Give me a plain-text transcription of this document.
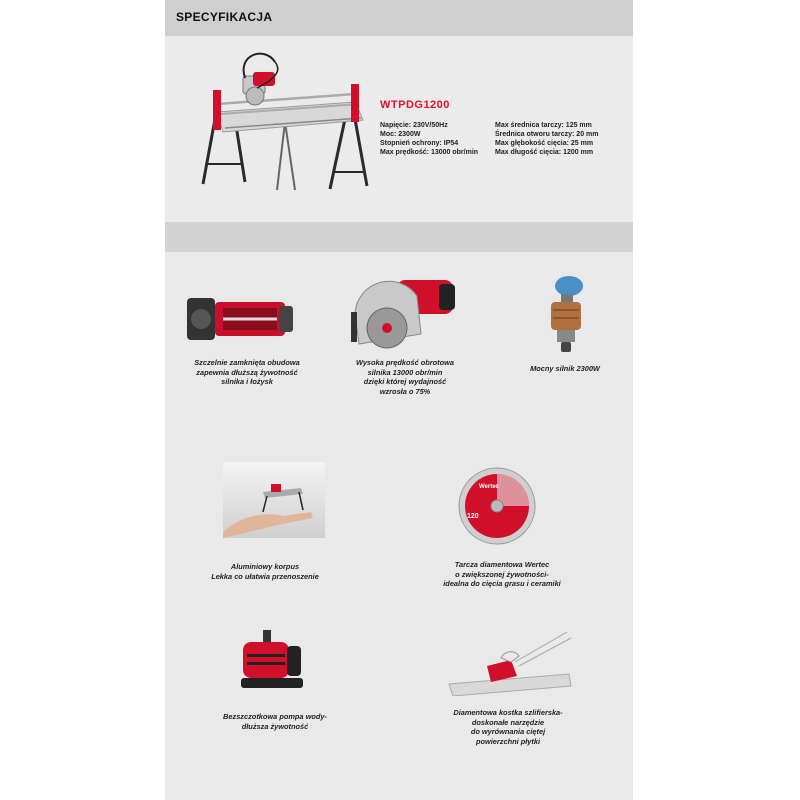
SPECYFIKACJA
WTPDG1200
Napięcie: 230V/50Hz
Moc: 2300W
Stopnień ochrony: IP54
Max prędkość: 13000 obr/min
Max średnica tarczy: 125 mm
Średnica otworu tarczy: 20 mm
Max głębokość cięcia: 25 mm
Max długość cięcia: 1200 mm
Szczelnie zamknięta obudowa
zapewnia dłuższą żywotność
silnika i łożysk
Wysoka prędkość obrotowa
silnika 13000 obr/min
dzięki której wydajność
wzrosła o 75%
Mocny silnik 2300W
Aluminiowy korpus
Lekka co ułatwia przenoszenie
Wertec
120
Tarcza diamentowa Wertec
o zwiększonej żywotności-
idealna do cięcia grasu i ceramiki
Bezszczotkowa pompa wody-
dłuższa żywotność
Diamentowa kostka szlifierska-
doskonałe narzędzie
do wyrównania ciętej
powierzchni płytki
